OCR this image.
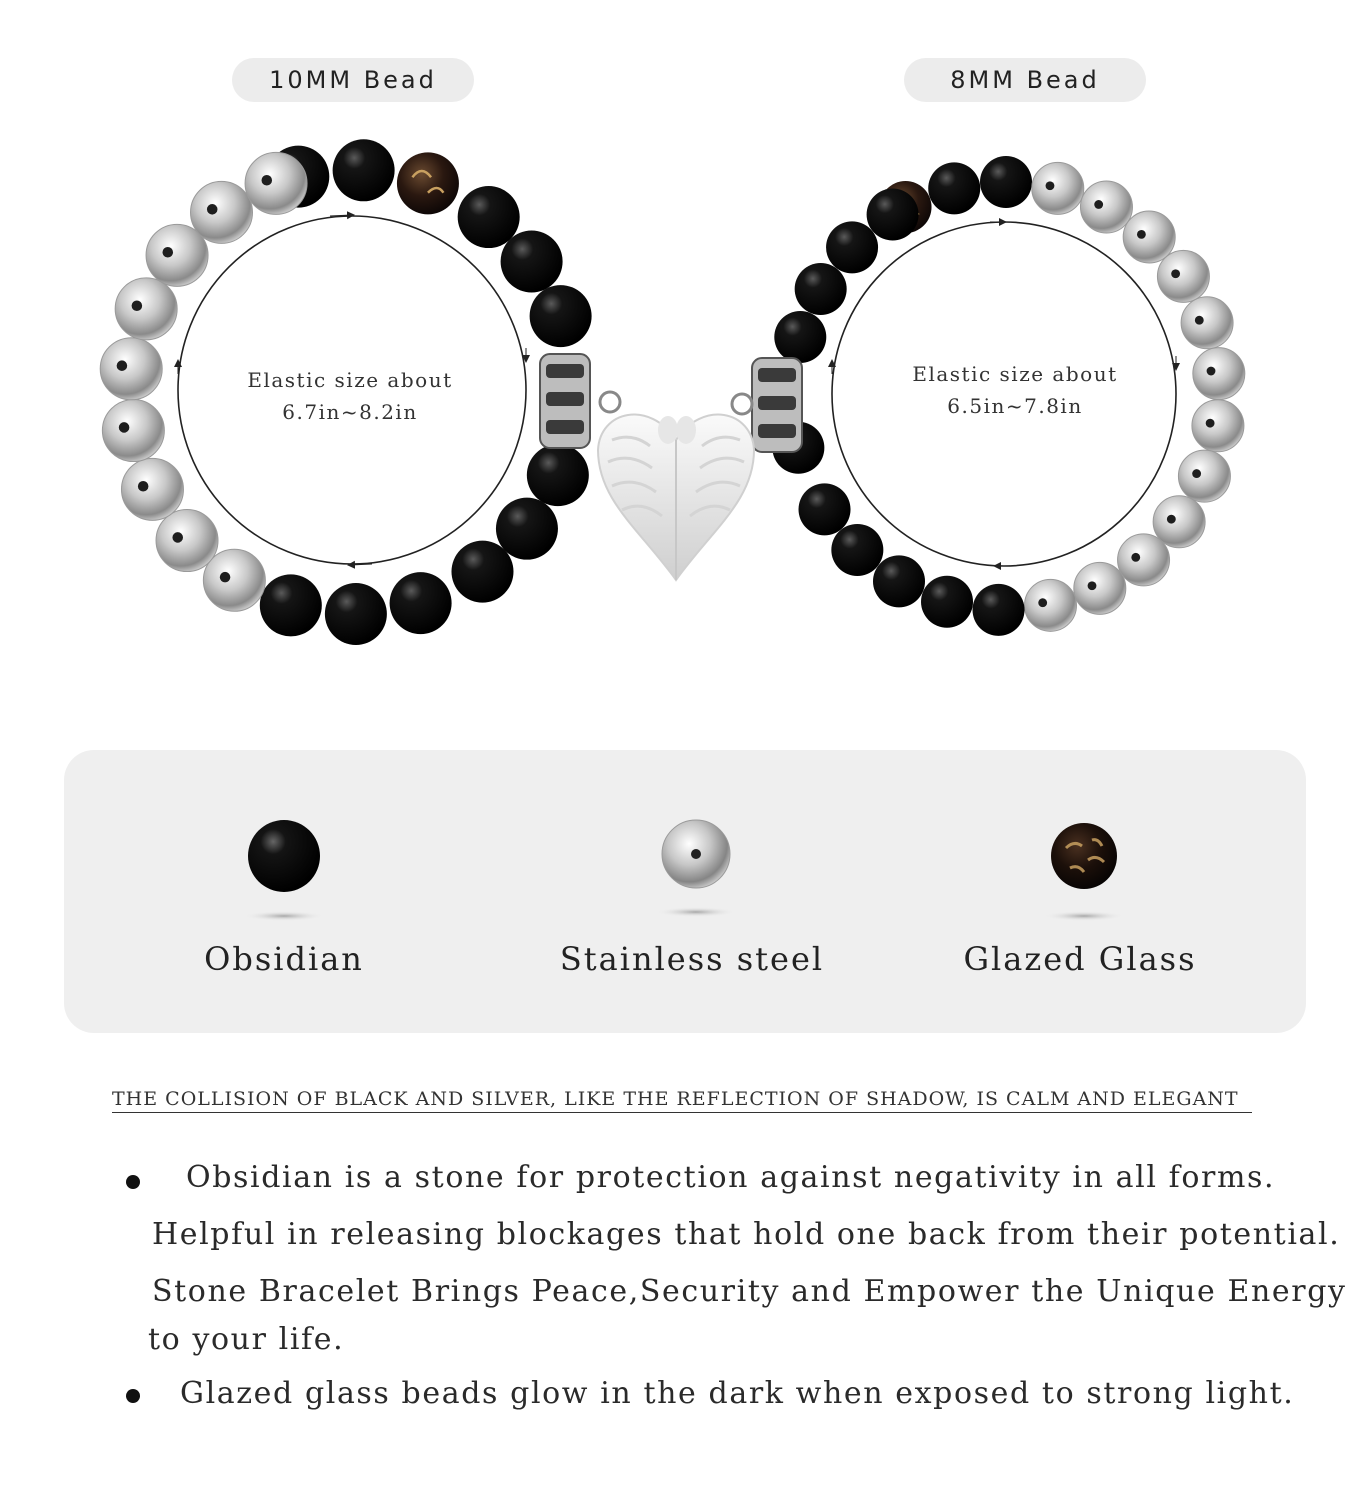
10MM Bead	8MM Bead
Elastic size about
6.7in~8.2in
Elastic size about
6.5in~7.8in
Obsidian	Stainless steel	Glazed Glass
THE COLLISION OF BLACK AND SILVER, LIKE THE REFLECTION OF SHADOW, IS CALM AND ELEGANT
Obsidian is a stone for protection against negativity in all forms.
Helpful in releasing blockages that hold one back from their potential.
Stone Bracelet Brings Peace,Security and Empower the Unique Energy
to your life.
Glazed glass beads glow in the dark when exposed to strong light.
